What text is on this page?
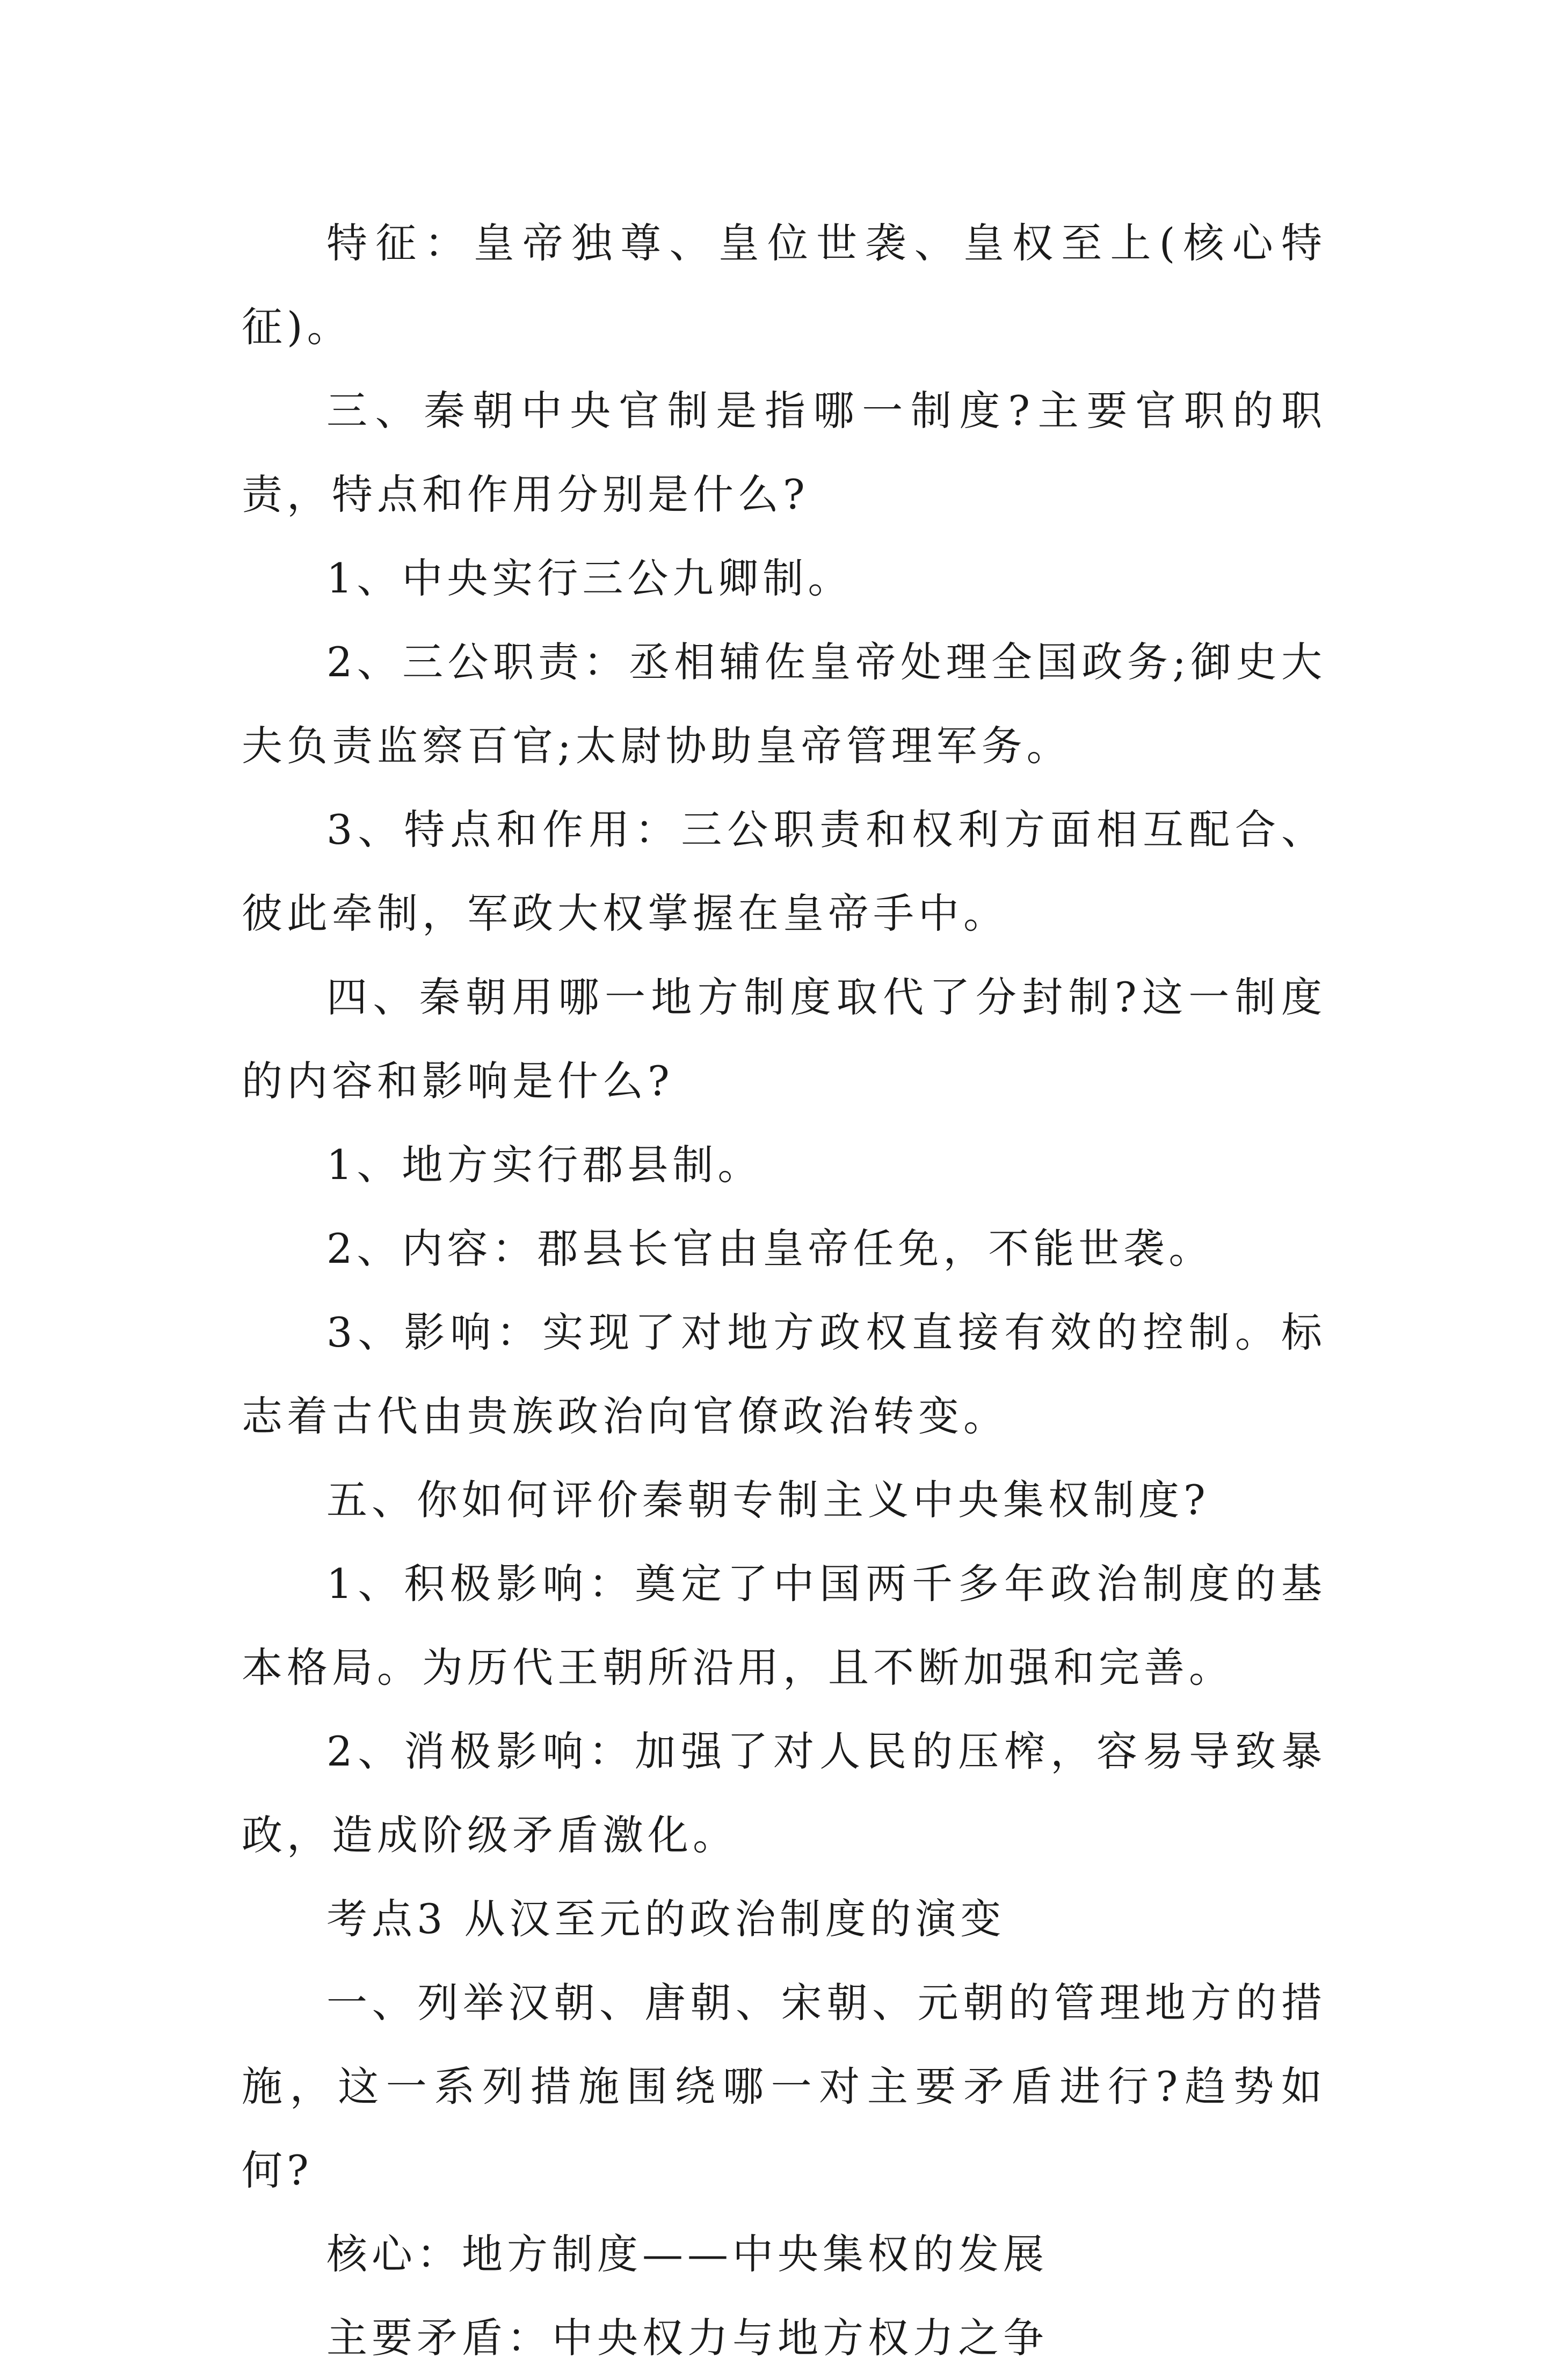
特征：皇帝独尊、皇位世袭、皇权至上(核心特征)。

三、秦朝中央官制是指哪一制度?主要官职的职责，特点和作用分别是什么?

1、中央实行三公九卿制。

2、三公职责：丞相辅佐皇帝处理全国政务;御史大夫负责监察百官;太尉协助皇帝管理军务。

3、特点和作用：三公职责和权利方面相互配合、彼此牵制，军政大权掌握在皇帝手中。

四、秦朝用哪一地方制度取代了分封制?这一制度的内容和影响是什么?

1、地方实行郡县制。

2、内容：郡县长官由皇帝任免，不能世袭。

3、影响：实现了对地方政权直接有效的控制。标志着古代由贵族政治向官僚政治转变。

五、你如何评价秦朝专制主义中央集权制度?

1、积极影响：奠定了中国两千多年政治制度的基本格局。为历代王朝所沿用，且不断加强和完善。

2、消极影响：加强了对人民的压榨，容易导致暴政，造成阶级矛盾激化。

考点3 从汉至元的政治制度的演变

一、列举汉朝、唐朝、宋朝、元朝的管理地方的措施，这一系列措施围绕哪一对主要矛盾进行?趋势如何?

核心：地方制度——中央集权的发展

主要矛盾：中央权力与地方权力之争
